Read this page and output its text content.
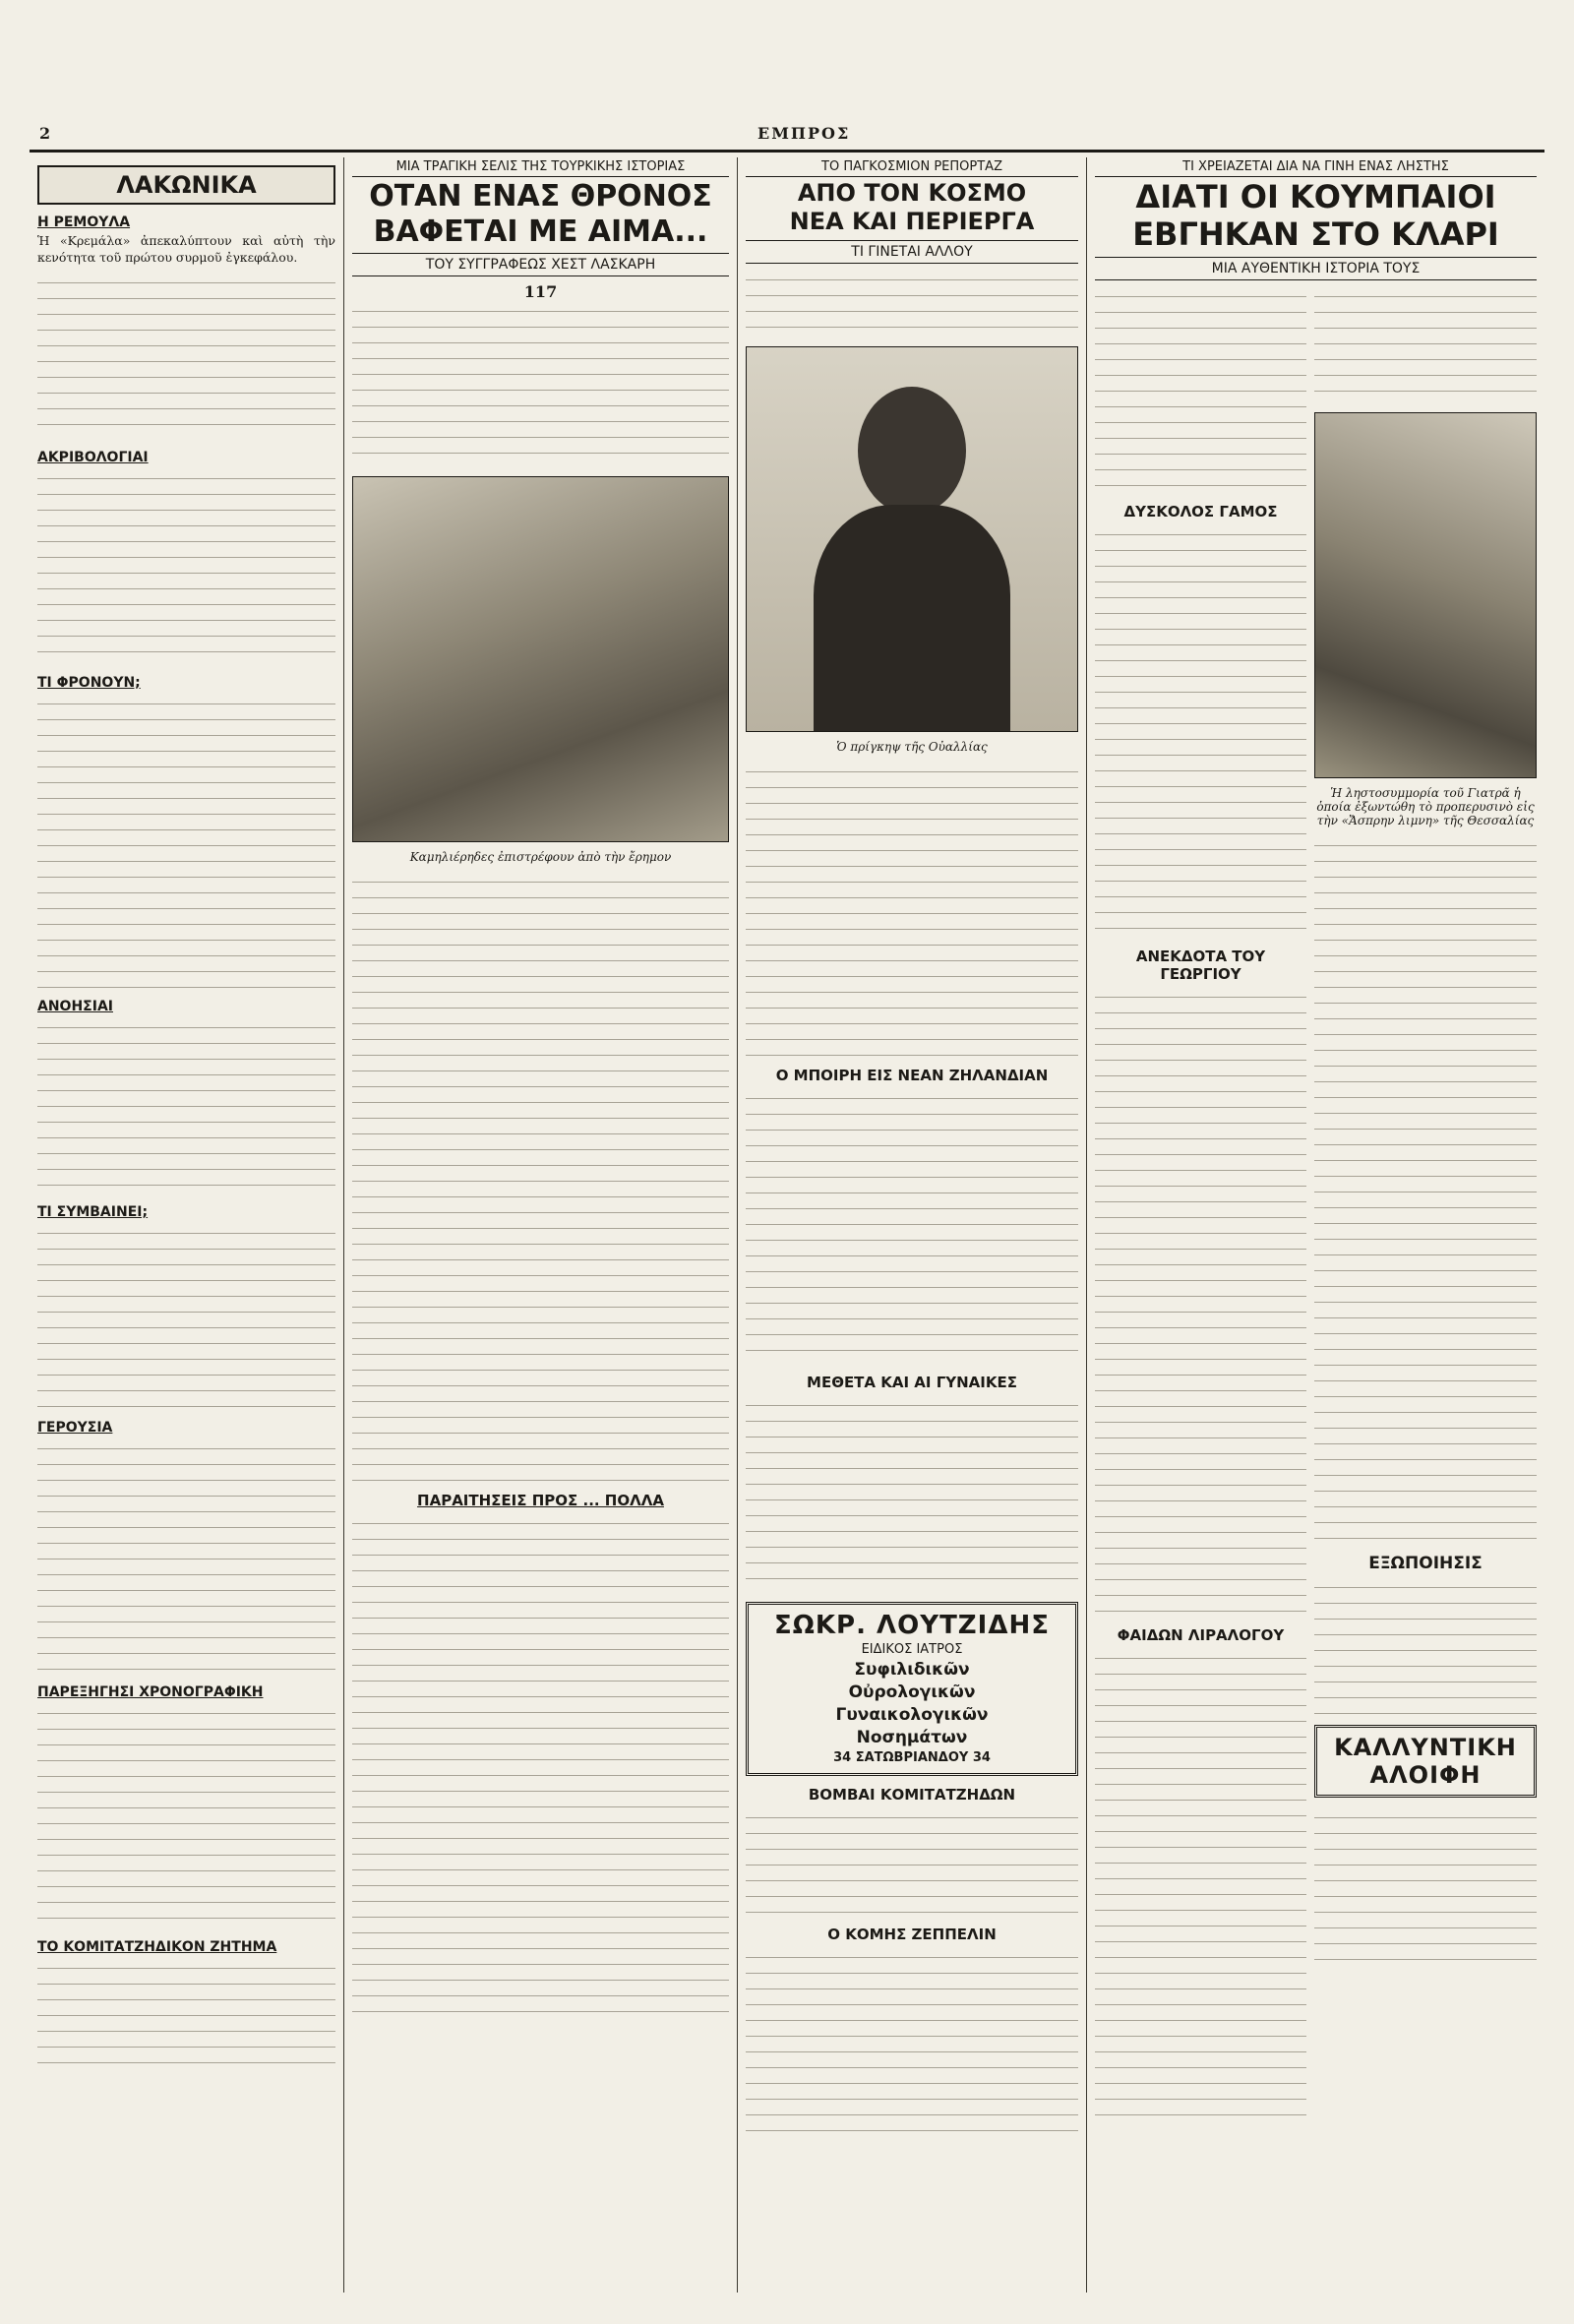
2	ΕΜΠΡΟΣ
ΛΑΚΩΝΙΚΑ
Η ΡΕΜΟΥΛΑ

Ἡ «Κρεμάλα» ἀπεκαλύπτουν καὶ αὐτὴ τὴν κενότητα τοῦ πρώτου συρμοῦ ἐγκεφάλου.

ΑΚΡΙΒΟΛΟΓΙΑΙ
ΤΙ ΦΡΟΝΟΥΝ;
ΑΝΟΗΣΙΑΙ
ΤΙ ΣΥΜΒΑΙΝΕΙ;
ΓΕΡΟΥΣΙΑ
ΠΑΡΕΞΗΓΗΣΙ ΧΡΟΝΟΓΡΑΦΙΚΗ
ΤΟ ΚΟΜΙΤΑΤΖΗΔΙΚΟΝ ΖΗΤΗΜΑ
ΜΙΑ ΤΡΑΓΙΚΗ ΣΕΛΙΣ ΤΗΣ ΤΟΥΡΚΙΚΗΣ ΙΣΤΟΡΙΑΣ
ΟΤΑΝ ΕΝΑΣ ΘΡΟΝΟΣ
ΒΑΦΕΤΑΙ ΜΕ ΑΙΜΑ...
ΤΟΥ ΣΥΓΓΡΑΦΕΩΣ ΧΕΣΤ ΛΑΣΚΑΡΗ
117
Καμηλιέρηδες ἐπιστρέφουν ἀπὸ τὴν ἔρημον
ΠΑΡΑΙΤΗΣΕΙΣ ΠΡΟΣ ... ΠΟΛΛΑ
ΤΟ ΠΑΓΚΟΣΜΙΟΝ ΡΕΠΟΡΤΑΖ
ΑΠΟ ΤΟΝ ΚΟΣΜΟ
ΝΕΑ ΚΑΙ ΠΕΡΙΕΡΓΑ
ΤΙ ΓΙΝΕΤΑΙ ΑΛΛΟΥ
Ὁ πρίγκηψ τῆς Οὐαλλίας
Ο ΜΠΟΙΡΗ ΕΙΣ ΝΕΑΝ ΖΗΛΑΝΔΙΑΝ
ΜΕΘΕΤΑ ΚΑΙ ΑΙ ΓΥΝΑΙΚΕΣ
ΣΩΚΡ. ΛΟΥΤΖΙΔΗΣ
ΕΙΔΙΚΟΣ ΙΑΤΡΟΣ
Συφιλιδικῶν
Οὐρολογικῶν
Γυναικολογικῶν
Νοσημάτων
34 ΣΑΤΩΒΡΙΑΝΔΟΥ 34
ΒΟΜΒΑΙ ΚΟΜΙΤΑΤΖΗΔΩΝ
Ο ΚΟΜΗΣ ΖΕΠΠΕΛΙΝ
ΤΙ ΧΡΕΙΑΖΕΤΑΙ ΔΙΑ ΝΑ ΓΙΝΗ ΕΝΑΣ ΛΗΣΤΗΣ
ΔΙΑΤΙ ΟΙ ΚΟΥΜΠΑΙΟΙ
ΕΒΓΗΚΑΝ ΣΤΟ ΚΛΑΡΙ
ΜΙΑ ΑΥΘΕΝΤΙΚΗ ΙΣΤΟΡΙΑ ΤΟΥΣ
ΔΥΣΚΟΛΟΣ ΓΑΜΟΣ
ΑΝΕΚΔΟΤΑ ΤΟΥ ΓΕΩΡΓΙΟΥ
ΦΑΙΔΩΝ ΛΙΡΑΛΟΓΟΥ
Ἡ ληστοσυμμορία τοῦ Γιατρᾶ ἡ ὁποία ἐξωντώθη τὸ προπερυσινὸ εἰς τὴν «Ἄσπρην λιμνη» τῆς Θεσσαλίας
ΕΞΩΠΟΙΗΣΙΣ
ΚΑΛΛΥΝΤΙΚΗ
ΑΛΟΙΦΗ
